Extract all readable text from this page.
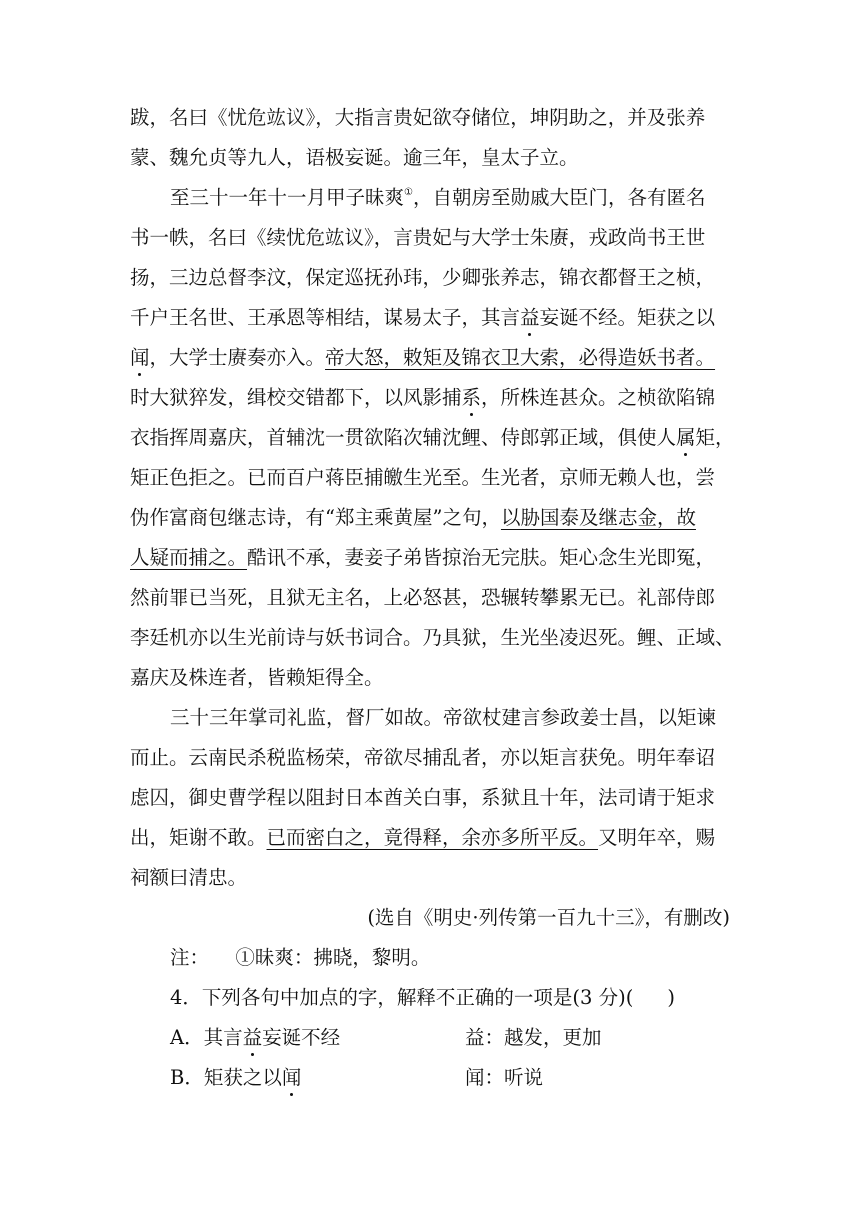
跋，名曰《忧危竑议》，大指言贵妃欲夺储位，坤阴助之，并及张养
蒙、魏允贞等九人，语极妄诞。逾三年，皇太子立。
至三十一年十一月甲子昧爽①，自朝房至勋戚大臣门，各有匿名
书一帙，名曰《续忧危竑议》，言贵妃与大学士朱赓，戎政尚书王世
扬，三边总督李汶，保定巡抚孙玮，少卿张养志，锦衣都督王之桢，
千户王名世、王承恩等相结，谋易太子，其言益妄诞不经。矩获之以
闻，大学士赓奏亦入。帝大怒，敕矩及锦衣卫大索，必得造妖书者。
时大狱猝发，缉校交错都下，以风影捕系，所株连甚众。之桢欲陷锦
衣指挥周嘉庆，首辅沈一贯欲陷次辅沈鲤、侍郎郭正域，俱使人属矩，
矩正色拒之。已而百户蒋臣捕皦生光至。生光者，京师无赖人也，尝
伪作富商包继志诗，有“郑主乘黄屋”之句，以胁国泰及继志金，故
人疑而捕之。酷讯不承，妻妾子弟皆掠治无完肤。矩心念生光即冤，
然前罪已当死，且狱无主名，上必怒甚，恐辗转攀累无已。礼部侍郎
李廷机亦以生光前诗与妖书词合。乃具狱，生光坐凌迟死。鲤、正域、
嘉庆及株连者，皆赖矩得全。
三十三年掌司礼监，督厂如故。帝欲杖建言参政姜士昌，以矩谏
而止。云南民杀税监杨荣，帝欲尽捕乱者，亦以矩言获免。明年奉诏
虑囚，御史曹学程以阻封日本酋关白事，系狱且十年，法司请于矩求
出，矩谢不敢。已而密白之，竟得释，余亦多所平反。又明年卒，赐
祠额曰清忠。
(选自《明史·列传第一百九十三》，有删改)
注： ①昧爽：拂晓，黎明。
4．下列各句中加点的字，解释不正确的一项是(3 分)( )
A．其言益妄诞不经	益：越发，更加
B．矩获之以闻	闻：听说
